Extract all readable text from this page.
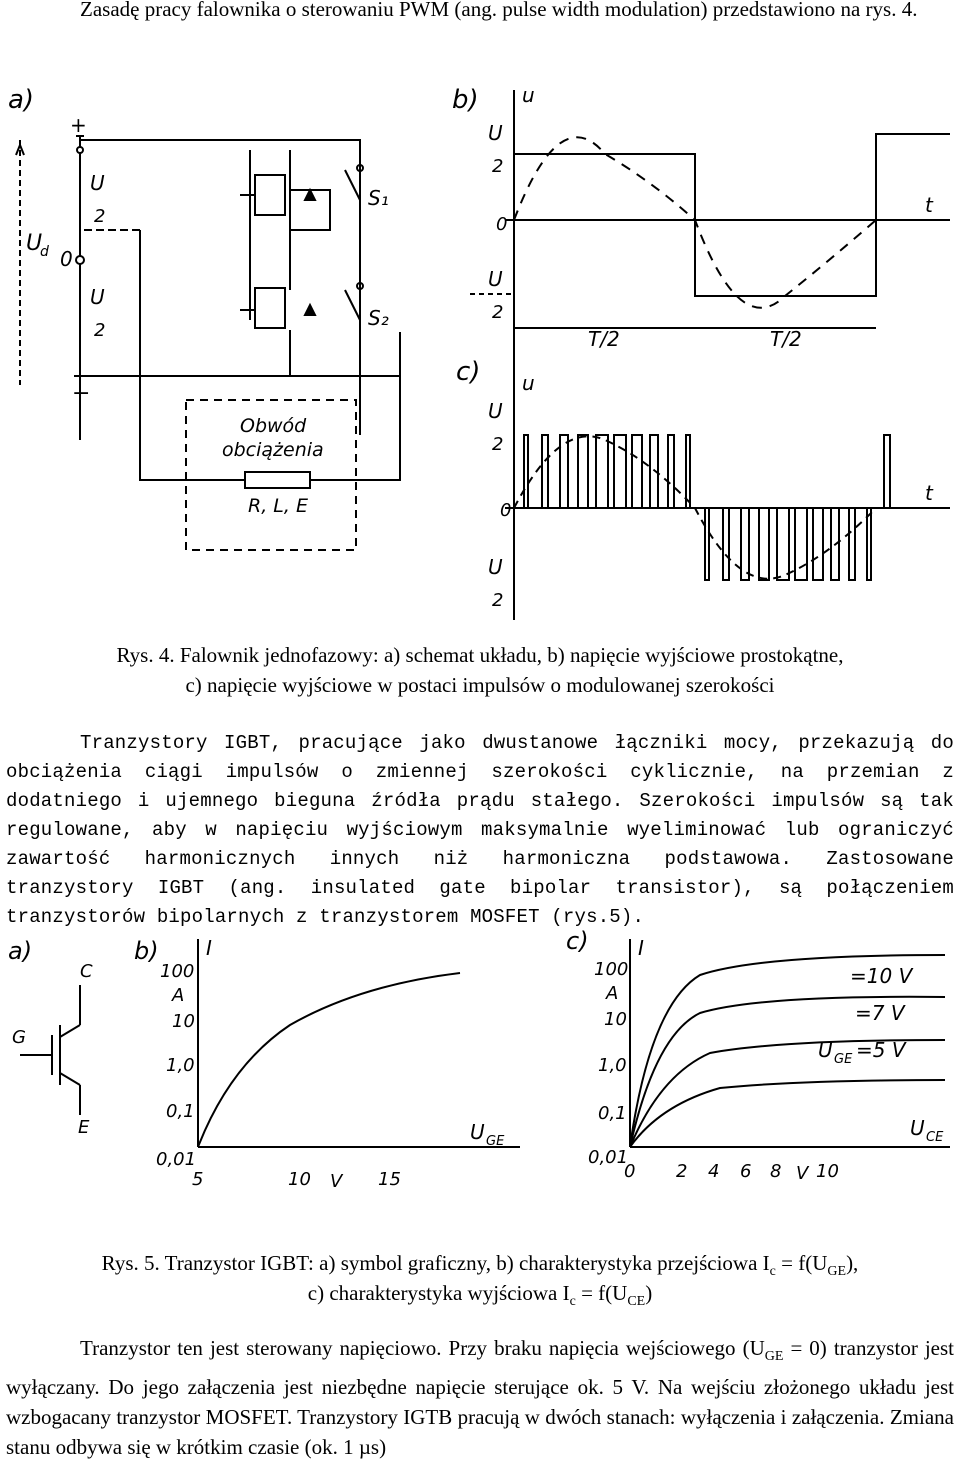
Zasadę pracy falownika o sterowaniu PWM (ang. pulse width modulation) przedstawiono na rys. 4.
a)
+
−
U
d
U
2
0
U
2
S₁
S₂
Obwód
obciążenia
R, L, E
b) u
t
U
2
0
U
2
T/2	T/2
c) u
t
U
2
0
U
2
Rys. 4. Falownik jednofazowy: a) schemat układu, b) napięcie wyjściowe prostokątne,
c) napięcie wyjściowe w postaci impulsów o modulowanej szerokości
Tranzystory IGBT, pracujące jako dwustanowe łączniki mocy, przekazują do obciążenia ciągi impulsów o zmiennej szerokości cyklicznie, na przemian z dodatniego i ujemnego bieguna źródła prądu stałego. Szerokości impulsów są tak regulowane, aby w napięciu wyjściowym maksymalnie wyeliminować lub ograniczyć zawartość harmonicznych innych niż harmoniczna podstawowa. Zastosowane tranzystory IGBT (ang. insulated gate bipolar transistor), są połączeniem tranzystorów bipolarnych z tranzystorem MOSFET (rys.5).
a)
C
G
E
b) I
U GE
100
A
10
1,0
0,1
0,01
5	10 V 15
c) I
U CE
=10 V
=7 V
U GE =5 V
100
A
10
1,0
0,1
0,01
0 2 4 6 8 V 10
Rys. 5. Tranzystor IGBT: a) symbol graficzny, b) charakterystyka przejściowa $I_c = f(U_{GE})$,
c) charakterystyka wyjściowa $I_c = f(U_{CE})$
Tranzystor ten jest sterowany napięciowo. Przy braku napięcia wejściowego $(U_{GE} = 0)$ tranzystor jest wyłączany. Do jego załączenia jest niezbędne napięcie sterujące ok. 5 V. Na wejściu złożonego układu jest wzbogacany tranzystor MOSFET. Tranzystory IGTB pracują w dwóch stanach: wyłączenia i załączenia. Zmiana stanu odbywa się w krótkim czasie (ok. 1 µs)
